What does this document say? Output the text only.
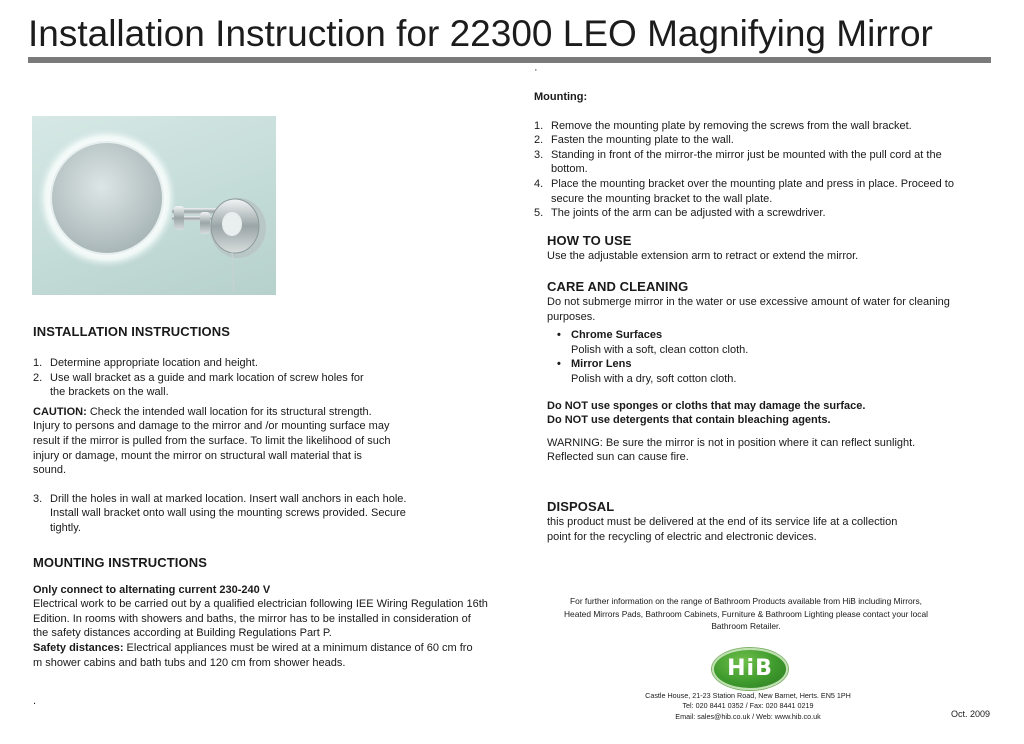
Installation Instruction for 22300 LEO Magnifying Mirror
·
INSTALLATION INSTRUCTIONS
1. Determine appropriate location and height.
2. Use wall bracket as a guide and mark location of screw holes for the brackets on the wall.
CAUTION: Check the intended wall location for its structural strength. Injury to persons and damage to the mirror and /or mounting surface may result if the mirror is pulled from the surface. To limit the likelihood of such injury or damage, mount the mirror on structural wall material that is sound.
3. Drill the holes in wall at marked location. Insert wall anchors in each hole. Install wall bracket onto wall using the mounting screws provided. Secure tightly.
MOUNTING INSTRUCTIONS
Only connect to alternating current 230-240 V
Electrical work to be carried out by a qualified electrician following IEE Wiring Regulation 16th Edition. In rooms with showers and baths, the mirror has to be installed in consideration of the safety distances according at Building Regulations Part P.
Safety distances: Electrical appliances must be wired at a minimum distance of 60 cm fro m shower cabins and bath tubs and 120 cm from shower heads.
.
Mounting:
1. Remove the mounting plate by removing the screws from the wall bracket.
2. Fasten the mounting plate to the wall.
3. Standing in front of the mirror-the mirror just be mounted with the pull cord at the bottom.
4. Place the mounting bracket over the mounting plate and press in place. Proceed to secure the mounting bracket to the wall plate.
5. The joints of the arm can be adjusted with a screwdriver.
HOW TO USE
Use the adjustable extension arm to retract or extend the mirror.
CARE AND CLEANING
Do not submerge mirror in the water or use excessive amount of water for cleaning purposes.
• Chrome Surfaces
Polish with a soft, clean cotton cloth.
• Mirror Lens
Polish with a dry, soft cotton cloth.
Do NOT use sponges or cloths that may damage the surface.
Do NOT use detergents that contain bleaching agents.
WARNING: Be sure the mirror is not in position where it can reflect sunlight. Reflected sun can cause fire.
DISPOSAL
this product must be delivered at the end of its service life at a collection point for the recycling of electric and electronic devices.
For further information on the range of Bathroom Products available from HiB including Mirrors, Heated Mirrors Pads, Bathroom Cabinets, Furniture & Bathroom Lighting please contact your local Bathroom Retailer.
HiB
Castle House, 21-23 Station Road, New Barnet, Herts. EN5 1PH
Tel: 020 8441 0352 / Fax: 020 8441 0219
Email: sales@hib.co.uk / Web: www.hib.co.uk	Oct. 2009
